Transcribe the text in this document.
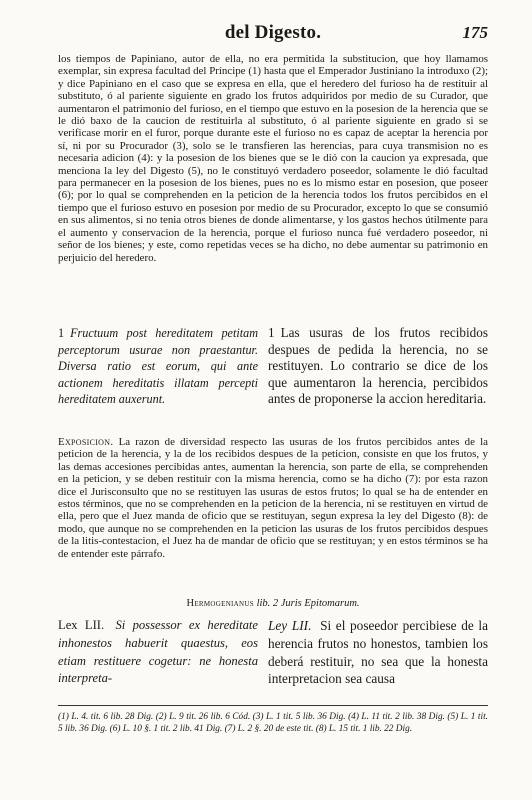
del Digesto.	175

los tiempos de Papiniano, autor de ella, no era permitida la substitucion, que hoy llamamos exemplar, sin expresa facultad del Príncipe (1) hasta que el Emperador Justiniano la introduxo (2); y dice Papiniano en el caso que se expresa en ella, que el heredero del furioso ha de restituir al substituto, ó al pariente siguiente en grado los frutos adquiridos por medio de su Curador, que aumentaron el patrimonio del furioso, en el tiempo que estuvo en la posesion de la herencia que se le dió baxo de la caucion de restituirla al substituto, ó al pariente siguiente en grado si se verificase morir en el furor, porque durante este el furioso no es capaz de aceptar la herencia por sí, ni por su Procurador (3), solo se le transfieren las herencias, para cuya transmision no es necesaria adicion (4): y la posesion de los bienes que se le dió con la caucion ya expresada, que menciona la ley del Digesto (5), no le constituyó verdadero poseedor, solamente le dió facultad para permanecer en la posesion de los bienes, pues no es lo mismo estar en posesion, que poseer (6); por lo qual se comprehenden en la peticion de la herencia todos los frutos percibidos en el tiempo que el furioso estuvo en posesion por medio de su Procurador, excepto lo que se consumió en sus alimentos, si no tenia otros bienes de donde alimentarse, y los gastos hechos útilmente para el aumento y conservacion de la herencia, porque el furioso nunca fué verdadero poseedor, ni señor de los bienes; y este, como repetidas veces se ha dicho, no debe aumentar su patrimonio en perjuicio del heredero.

1 Fructuum post hereditatem petitam perceptorum usurae non praestantur. Diversa ratio est eorum, qui ante actionem hereditatis illatam percepti hereditatem auxerunt.

1 Las usuras de los frutos recibidos despues de pedida la herencia, no se restituyen. Lo contrario se dice de los que aumentaron la herencia, percibidos antes de proponerse la accion hereditaria.

Exposicion. La razon de diversidad respecto las usuras de los frutos percibidos antes de la peticion de la herencia, y la de los recibidos despues de la peticion, consiste en que los frutos, y las demas accesiones percibidas antes, aumentan la herencia, son parte de ella, se comprehenden en la peticion, y se deben restituir con la misma herencia, como se ha dicho (7): por esta razon dice el Jurisconsulto que no se restituyen las usuras de estos frutos; lo qual se ha de entender en estos términos, que no se comprehenden en la peticion de la herencia, ni se restituyen en virtud de ella, pero que el Juez manda de oficio que se restituyan, segun expresa la ley del Digesto (8): de modo, que aunque no se comprehenden en la peticion las usuras de los frutos percibidos despues de la litis-contestacion, el Juez ha de mandar de oficio que se restituyan; y en estos términos se ha de entender este párrafo.

Hermogenianus lib. 2 Juris Epitomarum.

Lex LII. Si possessor ex hereditate inhonestos habuerit quaestus, eos etiam restituere cogetur: ne honesta interpreta-

Ley LII. Si el poseedor percibiese de la herencia frutos no honestos, tambien los deberá restituir, no sea que la honesta interpretacion sea causa

(1) L. 4. tit. 6 lib. 28 Dig. (2) L. 9 tit. 26 lib. 6 Cód. (3) L. 1 tit. 5 lib. 36 Dig. (4) L. 11 tit. 2 lib. 38 Dig. (5) L. 1 tit. 5 lib. 36 Dig. (6) L. 10 §. 1 tit. 2 lib. 41 Dig. (7) L. 2 §. 20 de este tit. (8) L. 15 tit. 1 lib. 22 Dig.
